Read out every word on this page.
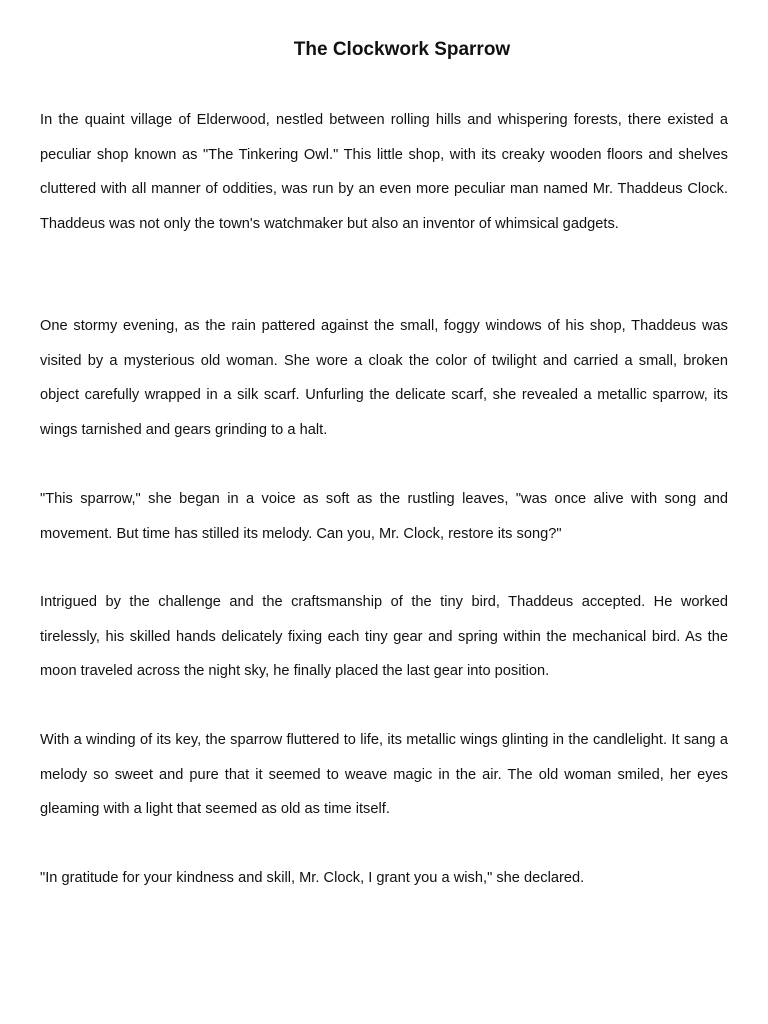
The Clockwork Sparrow

In the quaint village of Elderwood, nestled between rolling hills and whispering forests, there existed a peculiar shop known as "The Tinkering Owl." This little shop, with its creaky wooden floors and shelves cluttered with all manner of oddities, was run by an even more peculiar man named Mr. Thaddeus Clock. Thaddeus was not only the town's watchmaker but also an inventor of whimsical gadgets.

One stormy evening, as the rain pattered against the small, foggy windows of his shop, Thaddeus was visited by a mysterious old woman. She wore a cloak the color of twilight and carried a small, broken object carefully wrapped in a silk scarf. Unfurling the delicate scarf, she revealed a metallic sparrow, its wings tarnished and gears grinding to a halt.

"This sparrow," she began in a voice as soft as the rustling leaves, "was once alive with song and movement. But time has stilled its melody. Can you, Mr. Clock, restore its song?"

Intrigued by the challenge and the craftsmanship of the tiny bird, Thaddeus accepted. He worked tirelessly, his skilled hands delicately fixing each tiny gear and spring within the mechanical bird. As the moon traveled across the night sky, he finally placed the last gear into position.

With a winding of its key, the sparrow fluttered to life, its metallic wings glinting in the candlelight. It sang a melody so sweet and pure that it seemed to weave magic in the air. The old woman smiled, her eyes gleaming with a light that seemed as old as time itself.

"In gratitude for your kindness and skill, Mr. Clock, I grant you a wish," she declared.
